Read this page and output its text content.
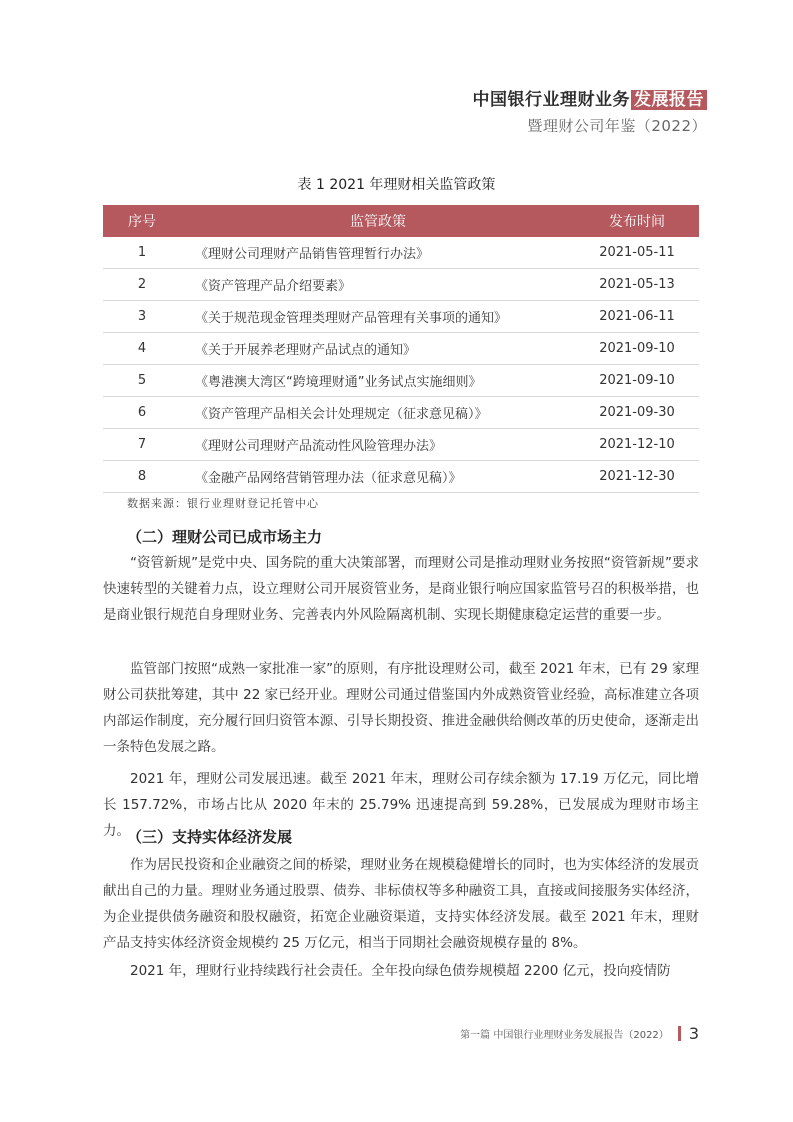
中国银行业理财业务 发展报告
暨理财公司年鉴（2022）
表 1 2021 年理财相关监管政策
序号	监管政策	发布时间
1	《理财公司理财产品销售管理暂行办法》	2021-05-11
2	《资产管理产品介绍要素》	2021-05-13
3	《关于规范现金管理类理财产品管理有关事项的通知》	2021-06-11
4	《关于开展养老理财产品试点的通知》	2021-09-10
5	《粤港澳大湾区“跨境理财通”业务试点实施细则》	2021-09-10
6	《资产管理产品相关会计处理规定（征求意见稿）》	2021-09-30
7	《理财公司理财产品流动性风险管理办法》	2021-12-10
8	《金融产品网络营销管理办法（征求意见稿）》	2021-12-30
数据来源：银行业理财登记托管中心
（二）理财公司已成市场主力

“资管新规”是党中央、国务院的重大决策部署，而理财公司是推动理财业务按照“资管新规”要求快速转型的关键着力点，设立理财公司开展资管业务，是商业银行响应国家监管号召的积极举措，也是商业银行规范自身理财业务、完善表内外风险隔离机制、实现长期健康稳定运营的重要一步。

监管部门按照“成熟一家批准一家”的原则，有序批设理财公司，截至 2021 年末，已有 29 家理财公司获批筹建，其中 22 家已经开业。理财公司通过借鉴国内外成熟资管业经验，高标准建立各项内部运作制度，充分履行回归资管本源、引导长期投资、推进金融供给侧改革的历史使命，逐渐走出一条特色发展之路。

2021 年，理财公司发展迅速。截至 2021 年末，理财公司存续余额为 17.19 万亿元，同比增长 157.72%，市场占比从 2020 年末的 25.79% 迅速提高到 59.28%，已发展成为理财市场主力。

（三）支持实体经济发展

作为居民投资和企业融资之间的桥梁，理财业务在规模稳健增长的同时，也为实体经济的发展贡献出自己的力量。理财业务通过股票、债券、非标债权等多种融资工具，直接或间接服务实体经济，为企业提供债务融资和股权融资，拓宽企业融资渠道，支持实体经济发展。截至 2021 年末，理财产品支持实体经济资金规模约 25 万亿元，相当于同期社会融资规模存量的 8%。

2021 年，理财行业持续践行社会责任。全年投向绿色债券规模超 2200 亿元，投向疫情防

第一篇 中国银行业理财业务发展报告（2022） 3
